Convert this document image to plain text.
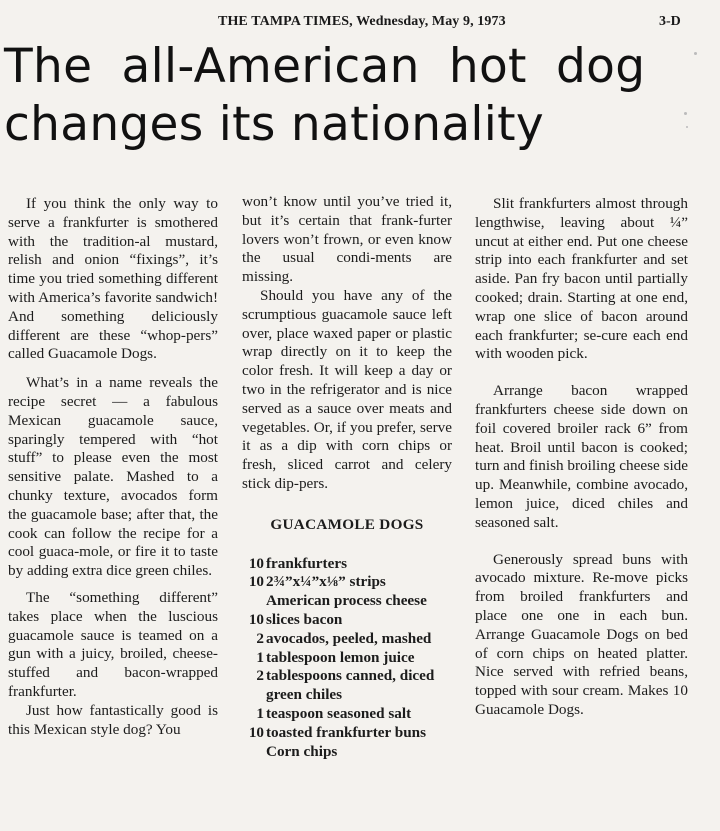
THE TAMPA TIMES, Wednesday, May 9, 1973	3-D
The all-American hot dog
changes its nationality

If you think the only way to serve a frankfurter is smothered with the tradition-al mustard, relish and onion “fixings”, it’s time you tried something different with America’s favorite sandwich! And something deliciously different are these “whop-pers” called Guacamole Dogs.

What’s in a name reveals the recipe secret — a fabulous Mexican guacamole sauce, sparingly tempered with “hot stuff” to please even the most sensitive palate. Mashed to a chunky texture, avocados form the guacamole base; after that, the cook can follow the recipe for a cool guaca-mole, or fire it to taste by adding extra dice green chiles.

The “something different” takes place when the luscious guacamole sauce is teamed on a gun with a juicy, broiled, cheese-stuffed and bacon-wrapped frankfurter.

Just how fantastically good is this Mexican style dog? You

won’t know until you’ve tried it, but it’s certain that frank-furter lovers won’t frown, or even know the usual condi-ments are missing.

Should you have any of the scrumptious guacamole sauce left over, place waxed paper or plastic wrap directly on it to keep the color fresh. It will keep a day or two in the refrigerator and is nice served as a sauce over meats and vegetables. Or, if you prefer, serve it as a dip with corn chips or fresh, sliced carrot and celery stick dip-pers.

GUACAMOLE DOGS
10 frankfurters
10 2¾”x¼”x⅛” strips
American process cheese
10 slices bacon
2 avocados, peeled, mashed
1 tablespoon lemon juice
2 tablespoons canned, diced
green chiles
1 teaspoon seasoned salt
10 toasted frankfurter buns
Corn chips

Slit frankfurters almost through lengthwise, leaving about ¼” uncut at either end. Put one cheese strip into each frankfurter and set aside. Pan fry bacon until partially cooked; drain. Starting at one end, wrap one slice of bacon around each frankfurter; se-cure each end with wooden pick.

Arrange bacon wrapped frankfurters cheese side down on foil covered broiler rack 6” from heat. Broil until bacon is cooked; turn and finish broiling cheese side up. Meanwhile, combine avocado, lemon juice, diced chiles and seasoned salt.

Generously spread buns with avocado mixture. Re-move picks from broiled frankfurters and place one one in each bun. Arrange Guacamole Dogs on bed of corn chips on heated platter. Nice served with refried beans, topped with sour cream. Makes 10 Guacamole Dogs.
